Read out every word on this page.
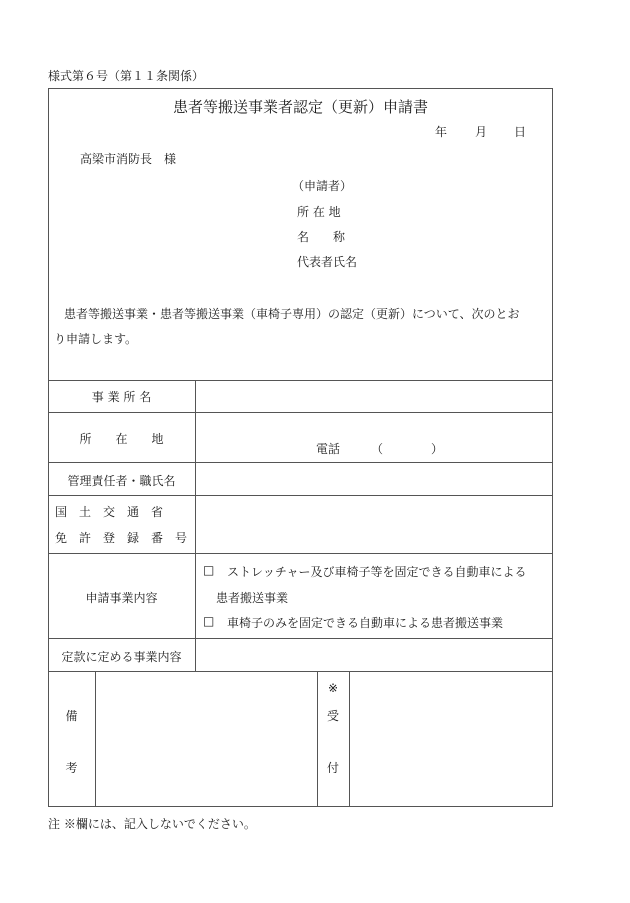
様式第６号（第１１条関係）
患者等搬送事業者認定（更新）申請書
年 月 日
高梁市消防長　様
（申請者）
所 在 地
名　　称
代表者氏名
患者等搬送事業・患者等搬送事業（車椅子専用）の認定（更新）について、次のとお
り申請します。
事 業 所 名
所　　在　　地
電話	（　　　　）
管理責任者・職氏名
国　土　交　通　省
免　許　登　録　番　号
申請事業内容
□ ストレッチャー及び車椅子等を固定できる自動車による
患者搬送事業
□ 車椅子のみを固定できる自動車による患者搬送事業
定款に定める事業内容
備
考
※
受
付
注 ※欄には、記入しないでください。
